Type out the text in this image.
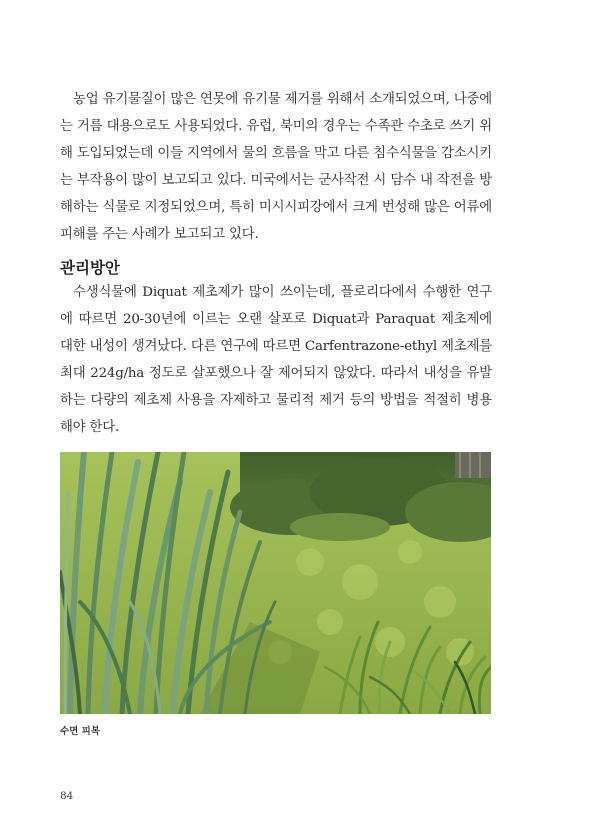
농업 유기물질이 많은 연못에 유기물 제거를 위해서 소개되었으며, 나중에는 거름 대용으로도 사용되었다. 유럽, 북미의 경우는 수족관 수초로 쓰기 위해 도입되었는데 이들 지역에서 물의 흐름을 막고 다른 침수식물을 감소시키는 부작용이 많이 보고되고 있다. 미국에서는 군사작전 시 담수 내 작전을 방해하는 식물로 지정되었으며, 특히 미시시피강에서 크게 번성해 많은 어류에 피해를 주는 사례가 보고되고 있다.

관리방안

수생식물에 Diquat 제초제가 많이 쓰이는데, 플로리다에서 수행한 연구에 따르면 20-30년에 이르는 오랜 살포로 Diquat과 Paraquat 제초제에 대한 내성이 생겨났다. 다른 연구에 따르면 Carfentrazone-ethyl 제초제를 최대 224g/ha 정도로 살포했으나 잘 제어되지 않았다. 따라서 내성을 유발하는 다량의 제초제 사용을 자제하고 물리적 제거 등의 방법을 적절히 병용해야 한다.

수면 피복

84
